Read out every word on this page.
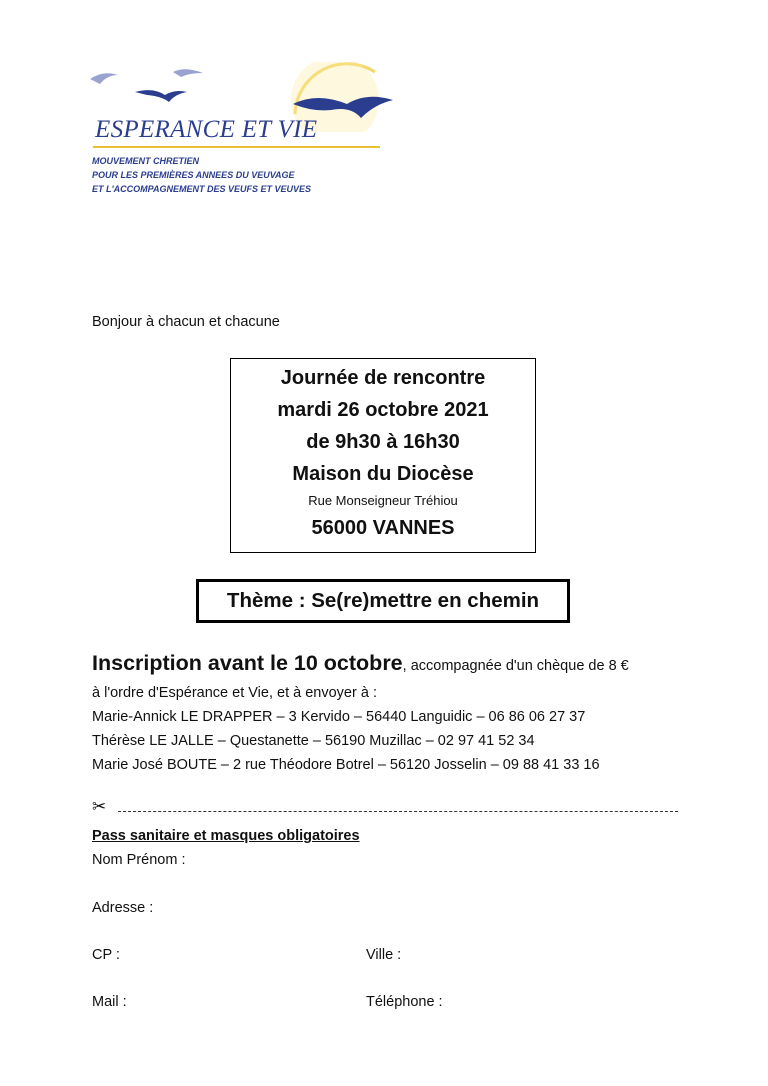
ESPERANCE ET VIE
MOUVEMENT CHRETIEN
POUR LES PREMIÈRES ANNEES DU VEUVAGE
ET L'ACCOMPAGNEMENT DES VEUFS ET VEUVES
Bonjour à chacun et chacune
Journée de rencontre
mardi 26 octobre 2021
de 9h30 à 16h30
Maison du Diocèse
Rue Monseigneur Tréhiou
56000 VANNES
Thème : Se(re)mettre en chemin
Inscription avant le 10 octobre, accompagnée d'un chèque de 8 €
à l'ordre d'Espérance et Vie, et à envoyer à :
Marie-Annick LE DRAPPER – 3 Kervido – 56440 Languidic – 06 86 06 27 37
Thérèse LE JALLE – Questanette – 56190 Muzillac – 02 97 41 52 34
Marie José BOUTE – 2 rue Théodore Botrel – 56120 Josselin – 09 88 41 33 16
✂
Pass sanitaire et masques obligatoires
Nom Prénom :
Adresse :
CP :	Ville :
Mail :	Téléphone :
